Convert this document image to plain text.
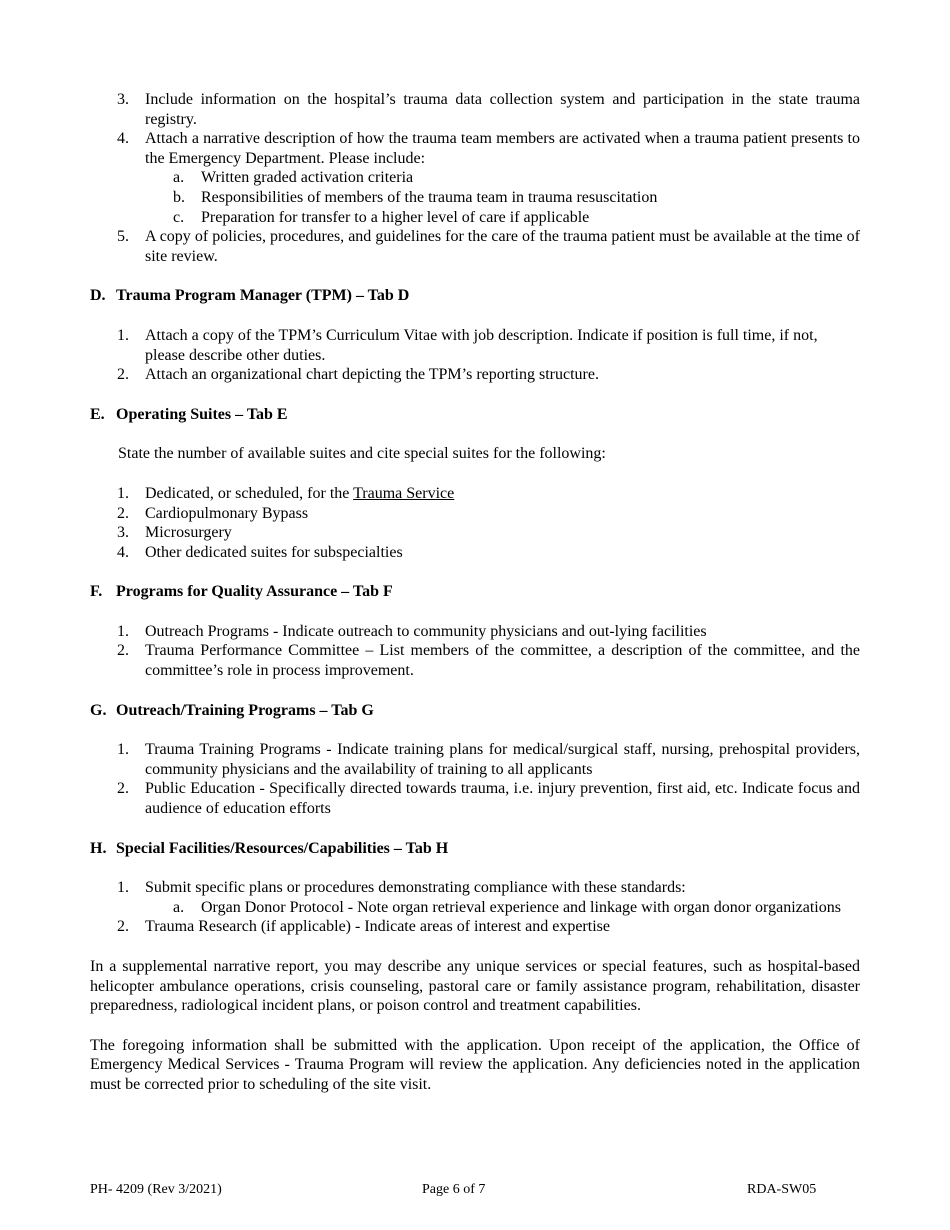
3. Include information on the hospital’s trauma data collection system and participation in the state trauma registry.
4. Attach a narrative description of how the trauma team members are activated when a trauma patient presents to the Emergency Department. Please include:
a. Written graded activation criteria
b. Responsibilities of members of the trauma team in trauma resuscitation
c. Preparation for transfer to a higher level of care if applicable
5. A copy of policies, procedures, and guidelines for the care of the trauma patient must be available at the time of site review.

D. Trauma Program Manager (TPM) – Tab D

1. Attach a copy of the TPM’s Curriculum Vitae with job description. Indicate if position is full time, if not, please describe other duties.
2. Attach an organizational chart depicting the TPM’s reporting structure.

E. Operating Suites – Tab E

State the number of available suites and cite special suites for the following:

1. Dedicated, or scheduled, for the Trauma Service
2. Cardiopulmonary Bypass
3. Microsurgery
4. Other dedicated suites for subspecialties

F. Programs for Quality Assurance – Tab F

1. Outreach Programs - Indicate outreach to community physicians and out-lying facilities
2. Trauma Performance Committee – List members of the committee, a description of the committee, and the committee’s role in process improvement.

G. Outreach/Training Programs – Tab G

1. Trauma Training Programs - Indicate training plans for medical/surgical staff, nursing, prehospital providers, community physicians and the availability of training to all applicants
2. Public Education - Specifically directed towards trauma, i.e. injury prevention, first aid, etc. Indicate focus and audience of education efforts

H. Special Facilities/Resources/Capabilities – Tab H

1. Submit specific plans or procedures demonstrating compliance with these standards:
a. Organ Donor Protocol - Note organ retrieval experience and linkage with organ donor organizations
2. Trauma Research (if applicable) - Indicate areas of interest and expertise

In a supplemental narrative report, you may describe any unique services or special features, such as hospital-based helicopter ambulance operations, crisis counseling, pastoral care or family assistance program, rehabilitation, disaster preparedness, radiological incident plans, or poison control and treatment capabilities.

The foregoing information shall be submitted with the application. Upon receipt of the application, the Office of Emergency Medical Services - Trauma Program will review the application. Any deficiencies noted in the application must be corrected prior to scheduling of the site visit.

PH- 4209 (Rev 3/2021)	Page 6 of 7	RDA-SW05
